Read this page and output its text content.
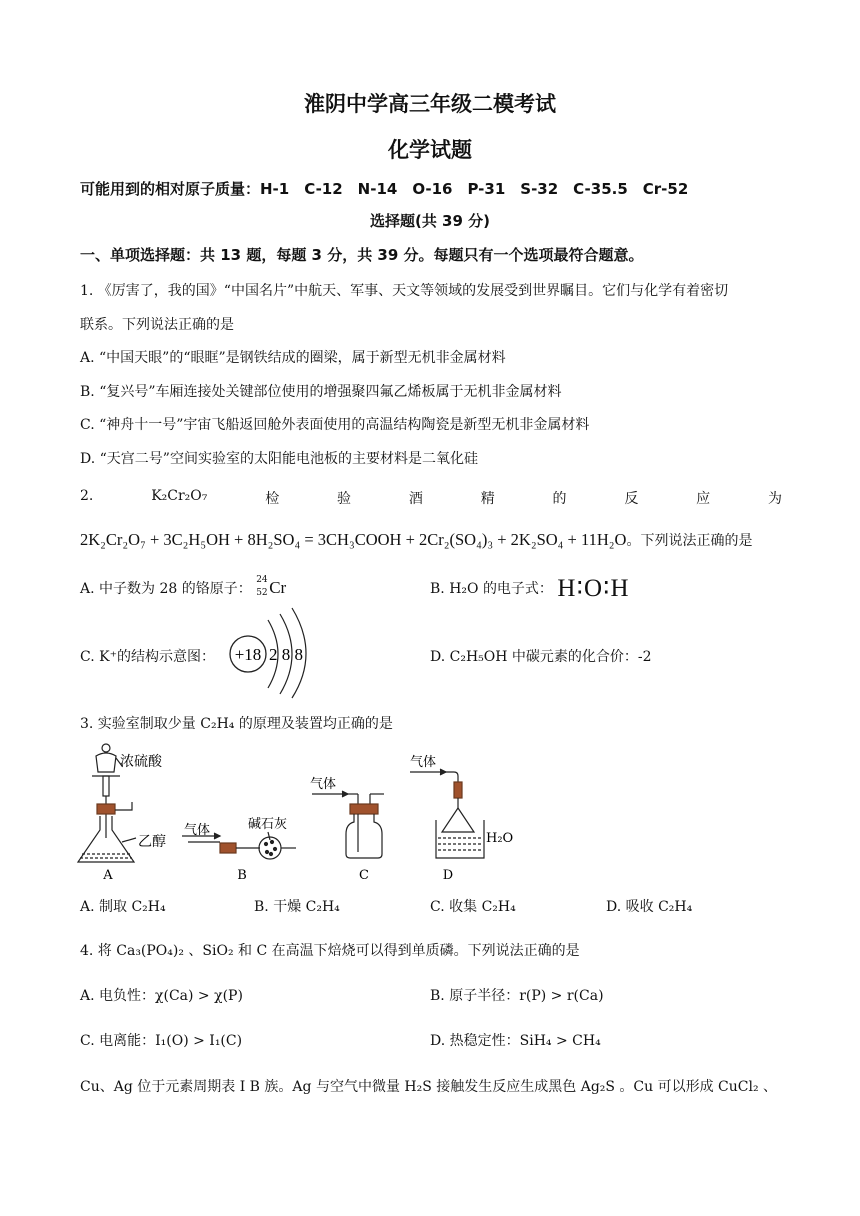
淮阴中学高三年级二模考试
化学试题
可能用到的相对原子质量：H-1　C-12　N-14　O-16　P-31　S-32　C-35.5　Cr-52
选择题(共 39 分)
一、单项选择题：共 13 题，每题 3 分，共 39 分。每题只有一个选项最符合题意。
1. 《厉害了，我的国》“中国名片”中航天、军事、天文等领域的发展受到世界瞩目。它们与化学有着密切
联系。下列说法正确的是
A. “中国天眼”的“眼眶”是钢铁结成的圈梁，属于新型无机非金属材料
B. “复兴号”车厢连接处关键部位使用的增强聚四氟乙烯板属于无机非金属材料
C. “神舟十一号”宇宙飞船返回舱外表面使用的高温结构陶瓷是新型无机非金属材料
D. “天宫二号”空间实验室的太阳能电池板的主要材料是二氧化硅
2.	K₂Cr₂O₇	检	验	酒	精	的	反	应	为
2K₂Cr₂O₇ + 3C₂H₅OH + 8H₂SO₄ = 3CH₃COOH + 2Cr₂(SO₄)₃ + 2K₂SO₄ + 11H₂O。下列说法正确的是
A. 中子数为 28 的铬原子：
24
52 Cr	B. H₂O 的电子式： H∶O∶H
C. K⁺的结构示意图： +18 2 8 8	D. C₂H₅OH 中碳元素的化合价：-2
3. 实验室制取少量 C₂H₄ 的原理及装置均正确的是
浓硫酸
乙醇
A
气体	碱石灰
B
气体
C
气体
H₂O
D
A. 制取 C₂H₄	B. 干燥 C₂H₄	C. 收集 C₂H₄	D. 吸收 C₂H₄
4. 将 Ca₃(PO₄)₂ 、SiO₂ 和 C 在高温下焙烧可以得到单质磷。下列说法正确的是
A. 电负性：χ(Ca) > χ(P)	B. 原子半径：r(P) > r(Ca)
C. 电离能：I₁(O) > I₁(C)	D. 热稳定性：SiH₄ > CH₄
Cu、Ag 位于元素周期表 I B 族。Ag 与空气中微量 H₂S 接触发生反应生成黑色 Ag₂S 。Cu 可以形成 CuCl₂ 、
